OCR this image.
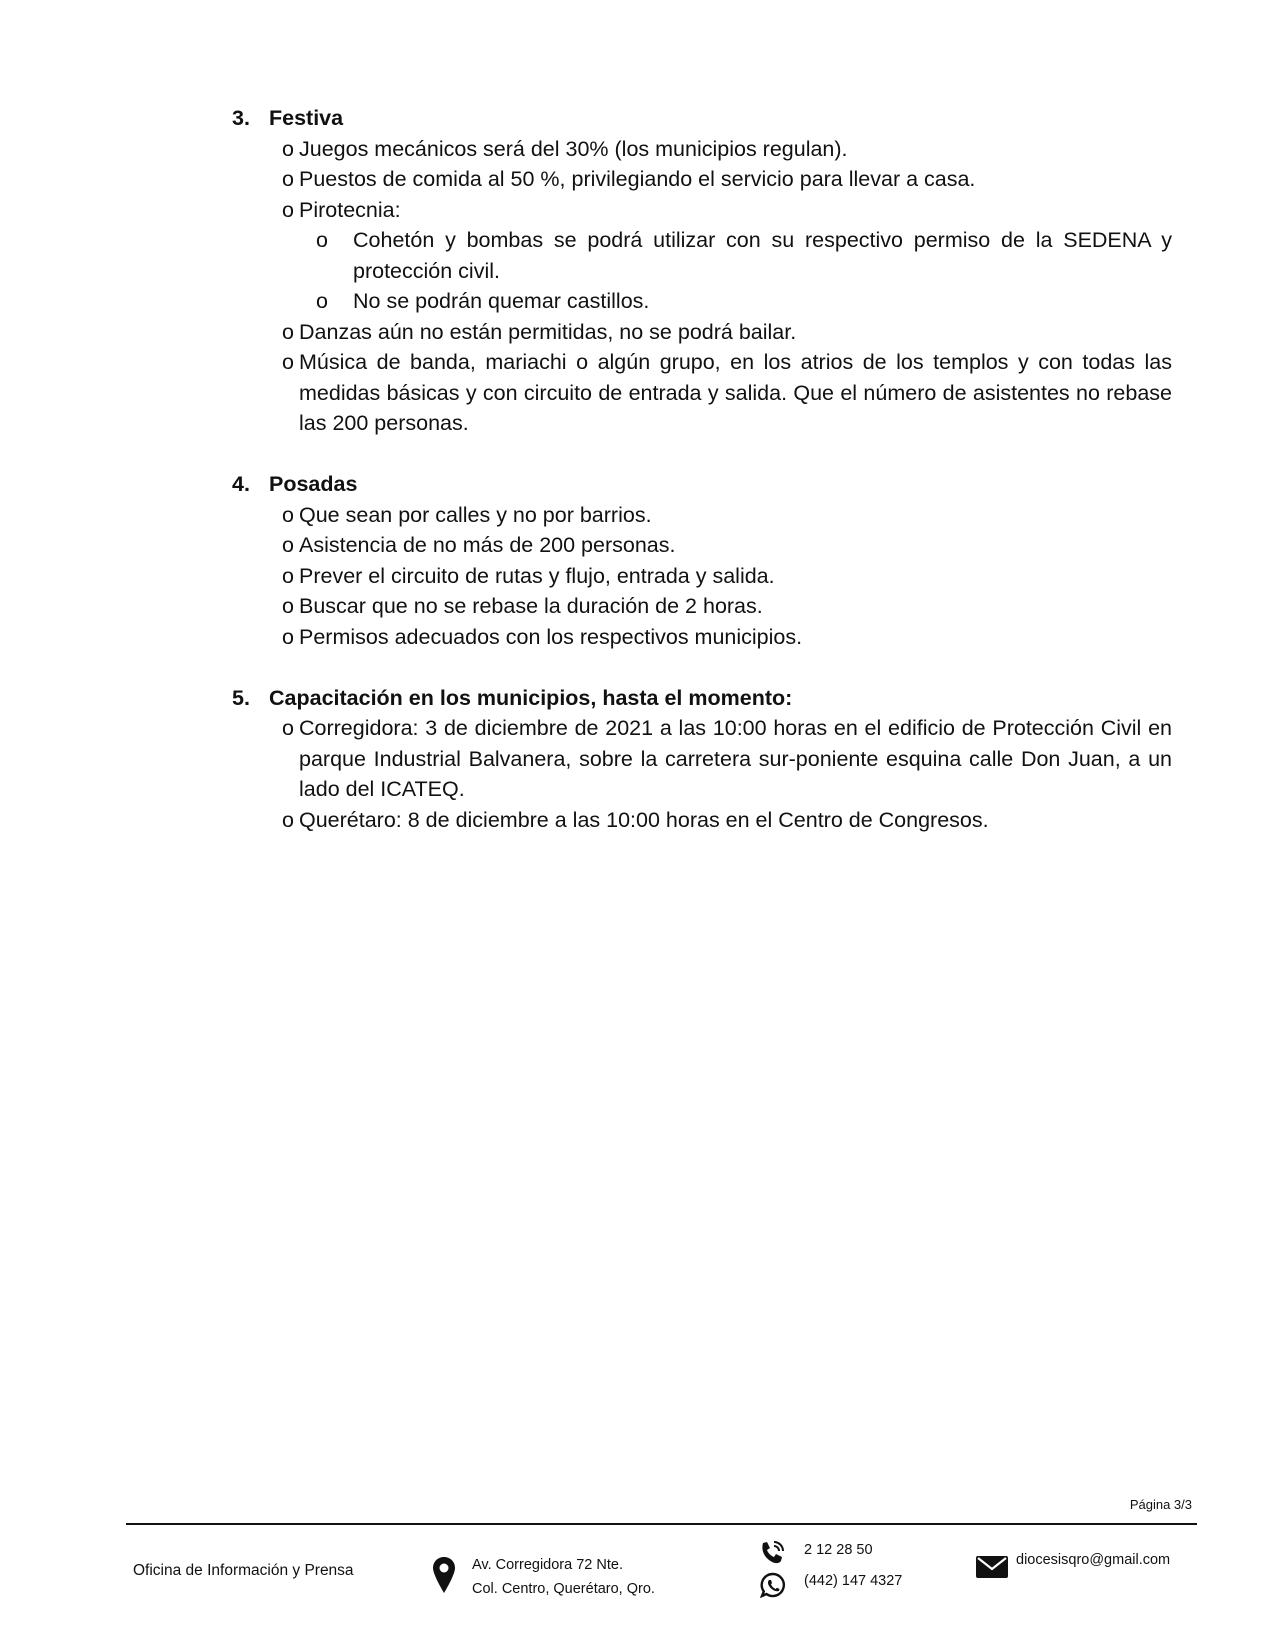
3. Festiva
o Juegos mecánicos será del 30% (los municipios regulan).
o Puestos de comida al 50 %, privilegiando el servicio para llevar a casa.
o Pirotecnia:
o	Cohetón y bombas se podrá utilizar con su respectivo permiso de la SEDENA y protección civil.
o	No se podrán quemar castillos.
o Danzas aún no están permitidas, no se podrá bailar.
o Música de banda, mariachi o algún grupo, en los atrios de los templos y con todas las medidas básicas y con circuito de entrada y salida. Que el número de asistentes no rebase las 200 personas.
4. Posadas
o Que sean por calles y no por barrios.
o Asistencia de no más de 200 personas.
o Prever el circuito de rutas y flujo, entrada y salida.
o Buscar que no se rebase la duración de 2 horas.
o Permisos adecuados con los respectivos municipios.
5. Capacitación en los municipios, hasta el momento:
o Corregidora: 3 de diciembre de 2021 a las 10:00 horas en el edificio de Protección Civil en parque Industrial Balvanera, sobre la carretera sur-poniente esquina calle Don Juan, a un lado del ICATEQ.
o Querétaro: 8 de diciembre a las 10:00 horas en el Centro de Congresos.
Página 3/3
Oficina de Información y Prensa	Av. Corregidora 72 Nte.
Col. Centro, Querétaro, Qro.
2 12 28 50
(442) 147 4327
diocesisqro@gmail.com
